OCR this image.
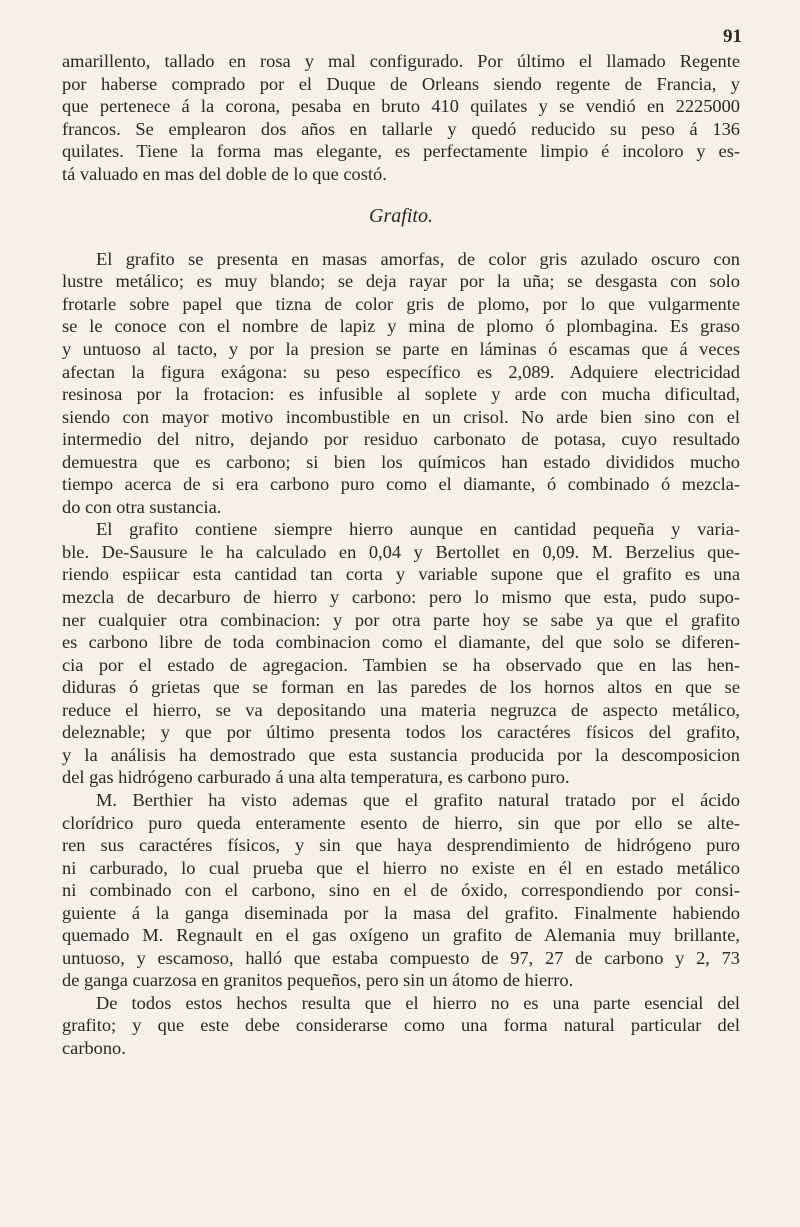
91
amarillento, tallado en rosa y mal configurado. Por último el llamado Regente
por haberse comprado por el Duque de Orleans siendo regente de Francia, y
que pertenece á la corona, pesaba en bruto 410 quilates y se vendió en 2225000
francos. Se emplearon dos años en tallarle y quedó reducido su peso á 136
quilates. Tiene la forma mas elegante, es perfectamente limpio é incoloro y es-
tá valuado en mas del doble de lo que costó.
Grafito.
El grafito se presenta en masas amorfas, de color gris azulado oscuro con
lustre metálico; es muy blando; se deja rayar por la uña; se desgasta con solo
frotarle sobre papel que tizna de color gris de plomo, por lo que vulgarmente
se le conoce con el nombre de lapiz y mina de plomo ó plombagina. Es graso
y untuoso al tacto, y por la presion se parte en láminas ó escamas que á veces
afectan la figura exágona: su peso específico es 2,089. Adquiere electricidad
resinosa por la frotacion: es infusible al soplete y arde con mucha dificultad,
siendo con mayor motivo incombustible en un crisol. No arde bien sino con el
intermedio del nitro, dejando por residuo carbonato de potasa, cuyo resultado
demuestra que es carbono; si bien los químicos han estado divididos mucho
tiempo acerca de si era carbono puro como el diamante, ó combinado ó mezcla-
do con otra sustancia.
El grafito contiene siempre hierro aunque en cantidad pequeña y varia-
ble. De-Sausure le ha calculado en 0,04 y Bertollet en 0,09. M. Berzelius que-
riendo espiicar esta cantidad tan corta y variable supone que el grafito es una
mezcla de decarburo de hierro y carbono: pero lo mismo que esta, pudo supo-
ner cualquier otra combinacion: y por otra parte hoy se sabe ya que el grafito
es carbono libre de toda combinacion como el diamante, del que solo se diferen-
cia por el estado de agregacion. Tambien se ha observado que en las hen-
diduras ó grietas que se forman en las paredes de los hornos altos en que se
reduce el hierro, se va depositando una materia negruzca de aspecto metálico,
deleznable; y que por último presenta todos los caractéres físicos del grafito,
y la análisis ha demostrado que esta sustancia producida por la descomposicion
del gas hidrógeno carburado á una alta temperatura, es carbono puro.
M. Berthier ha visto ademas que el grafito natural tratado por el ácido
clorídrico puro queda enteramente esento de hierro, sin que por ello se alte-
ren sus caractéres físicos, y sin que haya desprendimiento de hidrógeno puro
ni carburado, lo cual prueba que el hierro no existe en él en estado metálico
ni combinado con el carbono, sino en el de óxido, correspondiendo por consi-
guiente á la ganga diseminada por la masa del grafito. Finalmente habiendo
quemado M. Regnault en el gas oxígeno un grafito de Alemania muy brillante,
untuoso, y escamoso, halló que estaba compuesto de 97, 27 de carbono y 2, 73
de ganga cuarzosa en granitos pequeños, pero sin un átomo de hierro.
De todos estos hechos resulta que el hierro no es una parte esencial del
grafito; y que este debe considerarse como una forma natural particular del
carbono.
